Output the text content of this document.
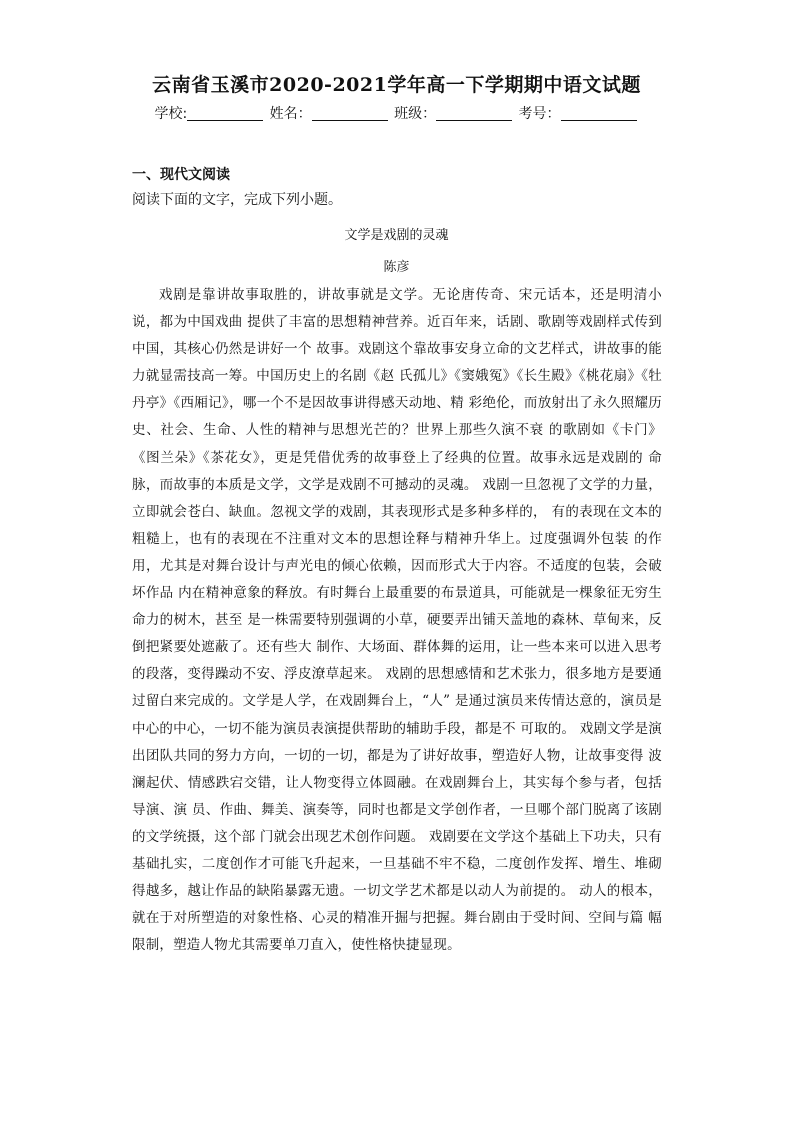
云南省玉溪市2020-2021学年高一下学期期中语文试题
学校:	姓名：	班级：	考号：
一、现代文阅读
阅读下面的文字，完成下列小题。
文学是戏剧的灵魂
陈彦

戏剧是靠讲故事取胜的，讲故事就是文学。无论唐传奇、宋元话本，还是明清小说，都为中国戏曲 提供了丰富的思想精神营养。近百年来，话剧、歌剧等戏剧样式传到中国，其核心仍然是讲好一个 故事。戏剧这个靠故事安身立命的文艺样式，讲故事的能力就显需技高一筹。中国历史上的名剧《赵 氏孤儿》《窦娥冤》《长生殿》《桃花扇》《牡丹亭》《西厢记》，哪一个不是因故事讲得感天动地、精 彩绝伦，而放射出了永久照耀历史、社会、生命、人性的精神与思想光芒的？世界上那些久演不衰 的歌剧如《卡门》《图兰朵》《茶花女》，更是凭借优秀的故事登上了经典的位置。故事永远是戏剧的 命脉，而故事的本质是文学，文学是戏剧不可撼动的灵魂。 戏剧一旦忽视了文学的力量，立即就会苍白、缺血。忽视文学的戏剧，其表现形式是多种多样的， 有的表现在文本的粗糙上，也有的表现在不注重对文本的思想诠释与精神升华上。过度强调外包装 的作用，尤其是对舞台设计与声光电的倾心依赖，因而形式大于内容。不适度的包装，会破坏作品 内在精神意象的释放。有时舞台上最重要的布景道具，可能就是一棵象征无穷生命力的树木，甚至 是一株需要特别强调的小草，硬要弄出铺天盖地的森林、草甸来，反倒把紧要处遮蔽了。还有些大 制作、大场面、群体舞的运用，让一些本来可以进入思考的段落，变得躁动不安、浮皮潦草起来。 戏剧的思想感情和艺术张力，很多地方是要通过留白来完成的。文学是人学，在戏剧舞台上，“人” 是通过演员来传情达意的，演员是中心的中心，一切不能为演员表演提供帮助的辅助手段，都是不 可取的。 戏剧文学是演出团队共同的努力方向，一切的一切，都是为了讲好故事，塑造好人物，让故事变得 波澜起伏、情感跌宕交错，让人物变得立体圆融。在戏剧舞台上，其实每个参与者，包括导演、演 员、作曲、舞美、演奏等，同时也都是文学创作者，一旦哪个部门脱离了该剧的文学统摄，这个部 门就会出现艺术创作问题。 戏剧要在文学这个基础上下功夫，只有基础扎实，二度创作才可能飞升起来，一旦基础不牢不稳，二度创作发挥、增生、堆砌得越多，越让作品的缺陷暴露无遗。一切文学艺术都是以动人为前提的。 动人的根本，就在于对所塑造的对象性格、心灵的精准开掘与把握。舞台剧由于受时间、空间与篇 幅限制，塑造人物尤其需要单刀直入，使性格快捷显现。
